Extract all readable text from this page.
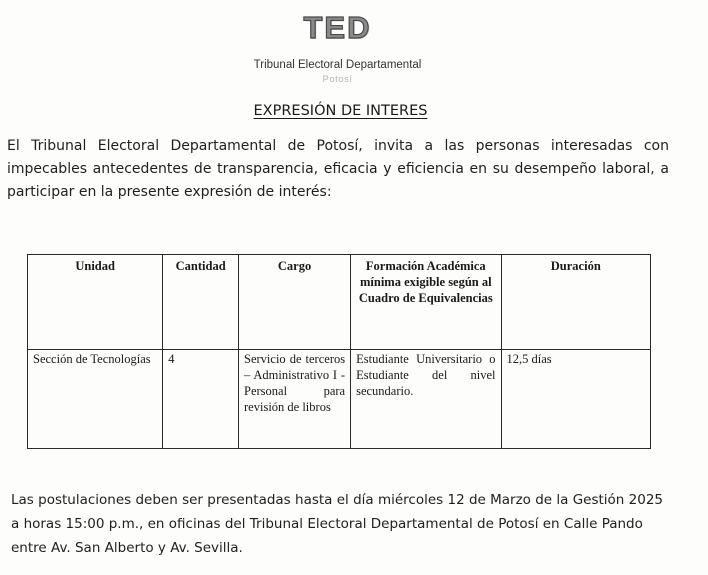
TED
Tribunal Electoral Departamental
Potosí
EXPRESIÓN DE INTERES

El Tribunal Electoral Departamental de Potosí, invita a las personas interesadas con impecables antecedentes de transparencia, eficacia y eficiencia en su desempeño laboral, a participar en la presente expresión de interés:

Unidad	Cantidad	Cargo	Formación Académica mínima exigible según al Cuadro de Equivalencias	Duración
Sección de Tecnologías	4	Servicio de terceros – Administrativo I - Personal para revisión de libros	Estudiante Universitario o Estudiante del nivel secundario.	12,5 días

Las postulaciones deben ser presentadas hasta el día miércoles 12 de Marzo de la Gestión 2025 a horas 15:00 p.m., en oficinas del Tribunal Electoral Departamental de Potosí en Calle Pando entre Av. San Alberto y Av. Sevilla.
